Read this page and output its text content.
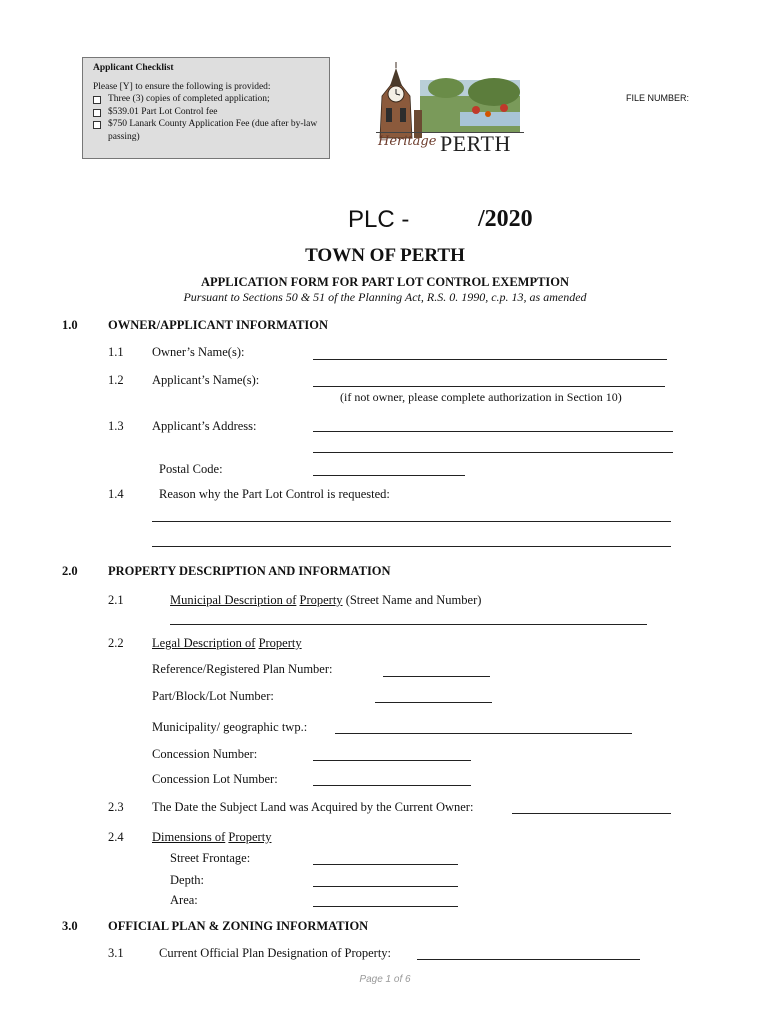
Applicant Checklist
Please [Y] to ensure the following is provided:
Three (3) copies of completed application;
$539.01 Part Lot Control fee
$750 Lanark County Application Fee (due after by-law passing)	Heritage PERTH
FILE NUMBER:
PLC -	/2020
TOWN OF PERTH
APPLICATION FORM FOR PART LOT CONTROL EXEMPTION
Pursuant to Sections 50 & 51 of the Planning Act, R.S. 0. 1990, c.p. 13, as amended
1.0 OWNER/APPLICANT INFORMATION
1.1 Owner’s Name(s):
1.2 Applicant’s Name(s):
(if not owner, please complete authorization in Section 10)
1.3 Applicant’s Address:
Postal Code:
1.4	Reason why the Part Lot Control is requested:
2.0 PROPERTY DESCRIPTION AND INFORMATION
2.1	Municipal Description of Property (Street Name and Number)
2.2 Legal Description of Property
Reference/Registered Plan Number:
Part/Block/Lot Number:
Municipality/ geographic twp.:
Concession Number:
Concession Lot Number:
2.3 The Date the Subject Land was Acquired by the Current Owner:
2.4 Dimensions of Property
Street Frontage:
Depth:
Area:
3.0 OFFICIAL PLAN & ZONING INFORMATION
3.1	Current Official Plan Designation of Property:
Page 1 of 6
